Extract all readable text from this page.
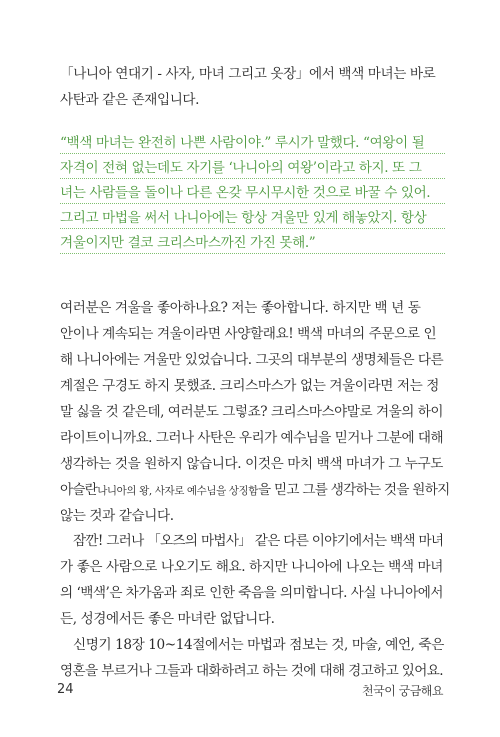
「나니아 연대기 - 사자, 마녀 그리고 옷장」에서 백색 마녀는 바로
사탄과 같은 존재입니다.
“백색 마녀는 완전히 나쁜 사람이야.” 루시가 말했다. “여왕이 될
자격이 전혀 없는데도 자기를 ‘나니아의 여왕’이라고 하지. 또 그
녀는 사람들을 돌이나 다른 온갖 무시무시한 것으로 바꿀 수 있어.
그리고 마법을 써서 나니아에는 항상 겨울만 있게 해놓았지. 항상
겨울이지만 결코 크리스마스까진 가진 못해.”
여러분은 겨울을 좋아하나요? 저는 좋아합니다. 하지만 백 년 동
안이나 계속되는 겨울이라면 사양할래요! 백색 마녀의 주문으로 인
해 나니아에는 겨울만 있었습니다. 그곳의 대부분의 생명체들은 다른
계절은 구경도 하지 못했죠. 크리스마스가 없는 겨울이라면 저는 정
말 싫을 것 같은데, 여러분도 그렇죠? 크리스마스야말로 겨울의 하이
라이트이니까요. 그러나 사탄은 우리가 예수님을 믿거나 그분에 대해
생각하는 것을 원하지 않습니다. 이것은 마치 백색 마녀가 그 누구도
아슬란나니아의 왕, 사자로 예수님을 상징함을 믿고 그를 생각하는 것을 원하지
않는 것과 같습니다.
잠깐! 그러나 「오즈의 마법사」 같은 다른 이야기에서는 백색 마녀
가 좋은 사람으로 나오기도 해요. 하지만 나니아에 나오는 백색 마녀
의 ‘백색’은 차가움과 죄로 인한 죽음을 의미합니다. 사실 나니아에서
든, 성경에서든 좋은 마녀란 없답니다.
신명기 18장 10~14절에서는 마법과 점보는 것, 마술, 예언, 죽은
영혼을 부르거나 그들과 대화하려고 하는 것에 대해 경고하고 있어요.
24	천국이 궁금해요
